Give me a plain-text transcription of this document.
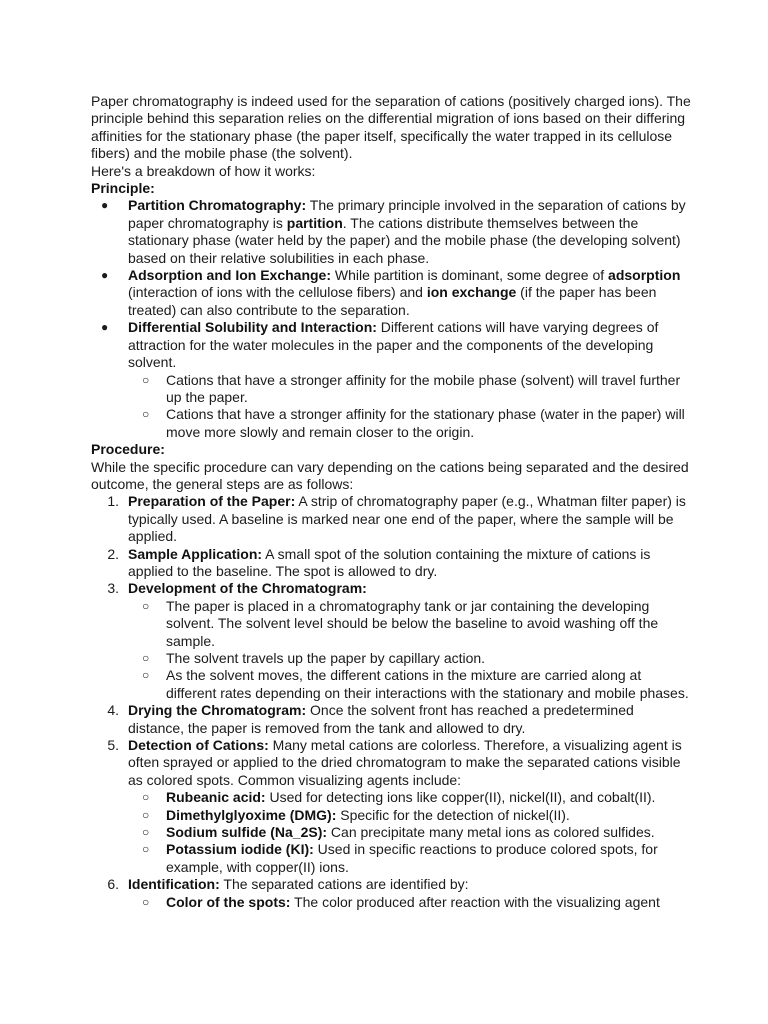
Paper chromatography is indeed used for the separation of cations (positively charged ions). The principle behind this separation relies on the differential migration of ions based on their differing affinities for the stationary phase (the paper itself, specifically the water trapped in its cellulose fibers) and the mobile phase (the solvent).

Here's a breakdown of how it works:

Principle:

●	Partition Chromatography: The primary principle involved in the separation of cations by paper chromatography is partition. The cations distribute themselves between the stationary phase (water held by the paper) and the mobile phase (the developing solvent) based on their relative solubilities in each phase.
●	Adsorption and Ion Exchange: While partition is dominant, some degree of adsorption (interaction of ions with the cellulose fibers) and ion exchange (if the paper has been treated) can also contribute to the separation.
●	Differential Solubility and Interaction: Different cations will have varying degrees of attraction for the water molecules in the paper and the components of the developing solvent.
○ Cations that have a stronger affinity for the mobile phase (solvent) will travel further up the paper.
○ Cations that have a stronger affinity for the stationary phase (water in the paper) will move more slowly and remain closer to the origin.

Procedure:

While the specific procedure can vary depending on the cations being separated and the desired outcome, the general steps are as follows:

1. Preparation of the Paper: A strip of chromatography paper (e.g., Whatman filter paper) is typically used. A baseline is marked near one end of the paper, where the sample will be applied.
2. Sample Application: A small spot of the solution containing the mixture of cations is applied to the baseline. The spot is allowed to dry.
3. Development of the Chromatogram:
○ The paper is placed in a chromatography tank or jar containing the developing solvent. The solvent level should be below the baseline to avoid washing off the sample.
○ The solvent travels up the paper by capillary action.
○ As the solvent moves, the different cations in the mixture are carried along at different rates depending on their interactions with the stationary and mobile phases.
4. Drying the Chromatogram: Once the solvent front has reached a predetermined distance, the paper is removed from the tank and allowed to dry.
5. Detection of Cations: Many metal cations are colorless. Therefore, a visualizing agent is often sprayed or applied to the dried chromatogram to make the separated cations visible as colored spots. Common visualizing agents include:
○ Rubeanic acid: Used for detecting ions like copper(II), nickel(II), and cobalt(II).
○ Dimethylglyoxime (DMG): Specific for the detection of nickel(II).
○ Sodium sulfide (Na_2S): Can precipitate many metal ions as colored sulfides.
○ Potassium iodide (KI): Used in specific reactions to produce colored spots, for example, with copper(II) ions.
6. Identification: The separated cations are identified by:
○ Color of the spots: The color produced after reaction with the visualizing agent
